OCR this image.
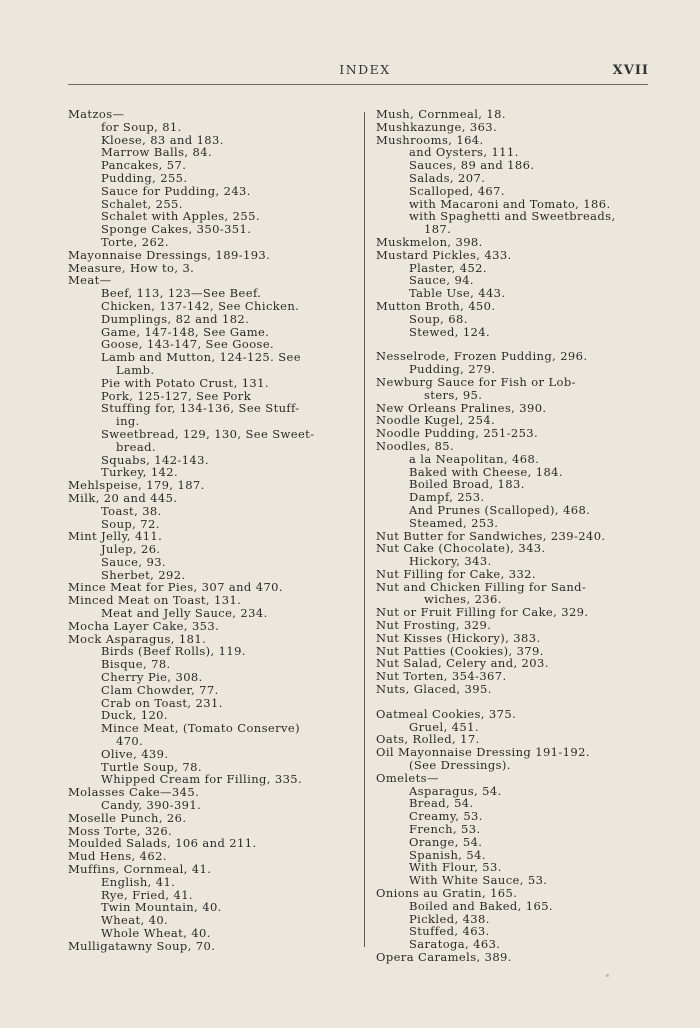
INDEX	XVII
Matzos—
for Soup, 81.
Kloese, 83 and 183.
Marrow Balls, 84.
Pancakes, 57.
Pudding, 255.
Sauce for Pudding, 243.
Schalet, 255.
Schalet with Apples, 255.
Sponge Cakes, 350-351.
Torte, 262.
Mayonnaise Dressings, 189-193.
Measure, How to, 3.
Meat—
Beef, 113, 123—See Beef.
Chicken, 137-142, See Chicken.
Dumplings, 82 and 182.
Game, 147-148, See Game.
Goose, 143-147, See Goose.
Lamb and Mutton, 124-125. See
Lamb.
Pie with Potato Crust, 131.
Pork, 125-127, See Pork
Stuffing for, 134-136, See Stuff-
ing.
Sweetbread, 129, 130, See Sweet-
bread.
Squabs, 142-143.
Turkey, 142.
Mehlspeise, 179, 187.
Milk, 20 and 445.
Toast, 38.
Soup, 72.
Mint Jelly, 411.
Julep, 26.
Sauce, 93.
Sherbet, 292.
Mince Meat for Pies, 307 and 470.
Minced Meat on Toast, 131.
Meat and Jelly Sauce, 234.
Mocha Layer Cake, 353.
Mock Asparagus, 181.
Birds (Beef Rolls), 119.
Bisque, 78.
Cherry Pie, 308.
Clam Chowder, 77.
Crab on Toast, 231.
Duck, 120.
Mince Meat, (Tomato Conserve)
470.
Olive, 439.
Turtle Soup, 78.
Whipped Cream for Filling, 335.
Molasses Cake—345.
Candy, 390-391.
Moselle Punch, 26.
Moss Torte, 326.
Moulded Salads, 106 and 211.
Mud Hens, 462.
Muffins, Cornmeal, 41.
English, 41.
Rye, Fried, 41.
Twin Mountain, 40.
Wheat, 40.
Whole Wheat, 40.
Mulligatawny Soup, 70.
Mush, Cornmeal, 18.
Mushkazunge, 363.
Mushrooms, 164.
and Oysters, 111.
Sauces, 89 and 186.
Salads, 207.
Scalloped, 467.
with Macaroni and Tomato, 186.
with Spaghetti and Sweetbreads,
187.
Muskmelon, 398.
Mustard Pickles, 433.
Plaster, 452.
Sauce, 94.
Table Use, 443.
Mutton Broth, 450.
Soup, 68.
Stewed, 124.
Nesselrode, Frozen Pudding, 296.
Pudding, 279.
Newburg Sauce for Fish or Lob-
sters, 95.
New Orleans Pralines, 390.
Noodle Kugel, 254.
Noodle Pudding, 251-253.
Noodles, 85.
a la Neapolitan, 468.
Baked with Cheese, 184.
Boiled Broad, 183.
Dampf, 253.
And Prunes (Scalloped), 468.
Steamed, 253.
Nut Butter for Sandwiches, 239-240.
Nut Cake (Chocolate), 343.
Hickory, 343.
Nut Filling for Cake, 332.
Nut and Chicken Filling for Sand-
wiches, 236.
Nut or Fruit Filling for Cake, 329.
Nut Frosting, 329.
Nut Kisses (Hickory), 383.
Nut Patties (Cookies), 379.
Nut Salad, Celery and, 203.
Nut Torten, 354-367.
Nuts, Glaced, 395.
Oatmeal Cookies, 375.
Gruel, 451.
Oats, Rolled, 17.
Oil Mayonnaise Dressing 191-192.
(See Dressings).
Omelets—
Asparagus, 54.
Bread, 54.
Creamy, 53.
French, 53.
Orange, 54.
Spanish, 54.
With Flour, 53.
With White Sauce, 53.
Onions au Gratin, 165.
Boiled and Baked, 165.
Pickled, 438.
Stuffed, 463.
Saratoga, 463.
Opera Caramels, 389.
